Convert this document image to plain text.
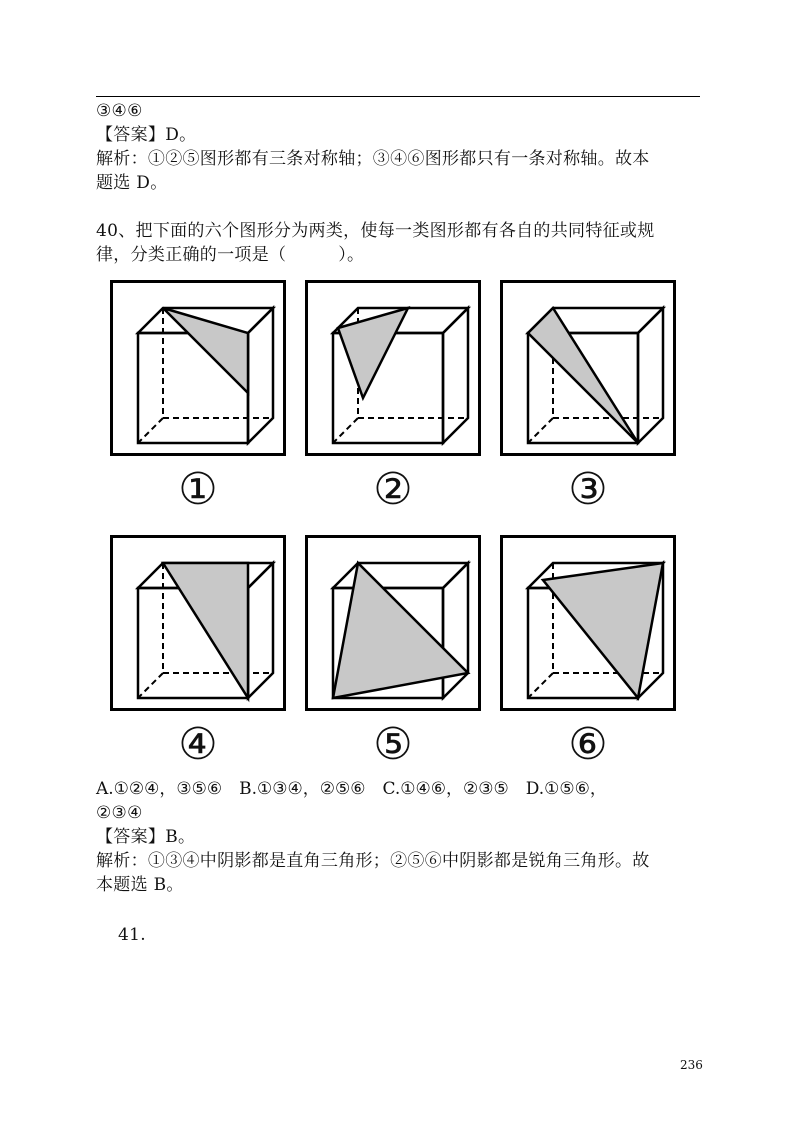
③④⑥
【答案】D。
解析：①②⑤图形都有三条对称轴；③④⑥图形都只有一条对称轴。故本
题选 D。
40、把下面的六个图形分为两类，使每一类图形都有各自的共同特征或规
律，分类正确的一项是（　　　）。
①	②	③
④	⑤	⑥
A.①②④，③⑤⑥　B.①③④，②⑤⑥　C.①④⑥，②③⑤　D.①⑤⑥，
②③④
【答案】B。
解析：①③④中阴影都是直角三角形；②⑤⑥中阴影都是锐角三角形。故
本题选 B。
41.
236
